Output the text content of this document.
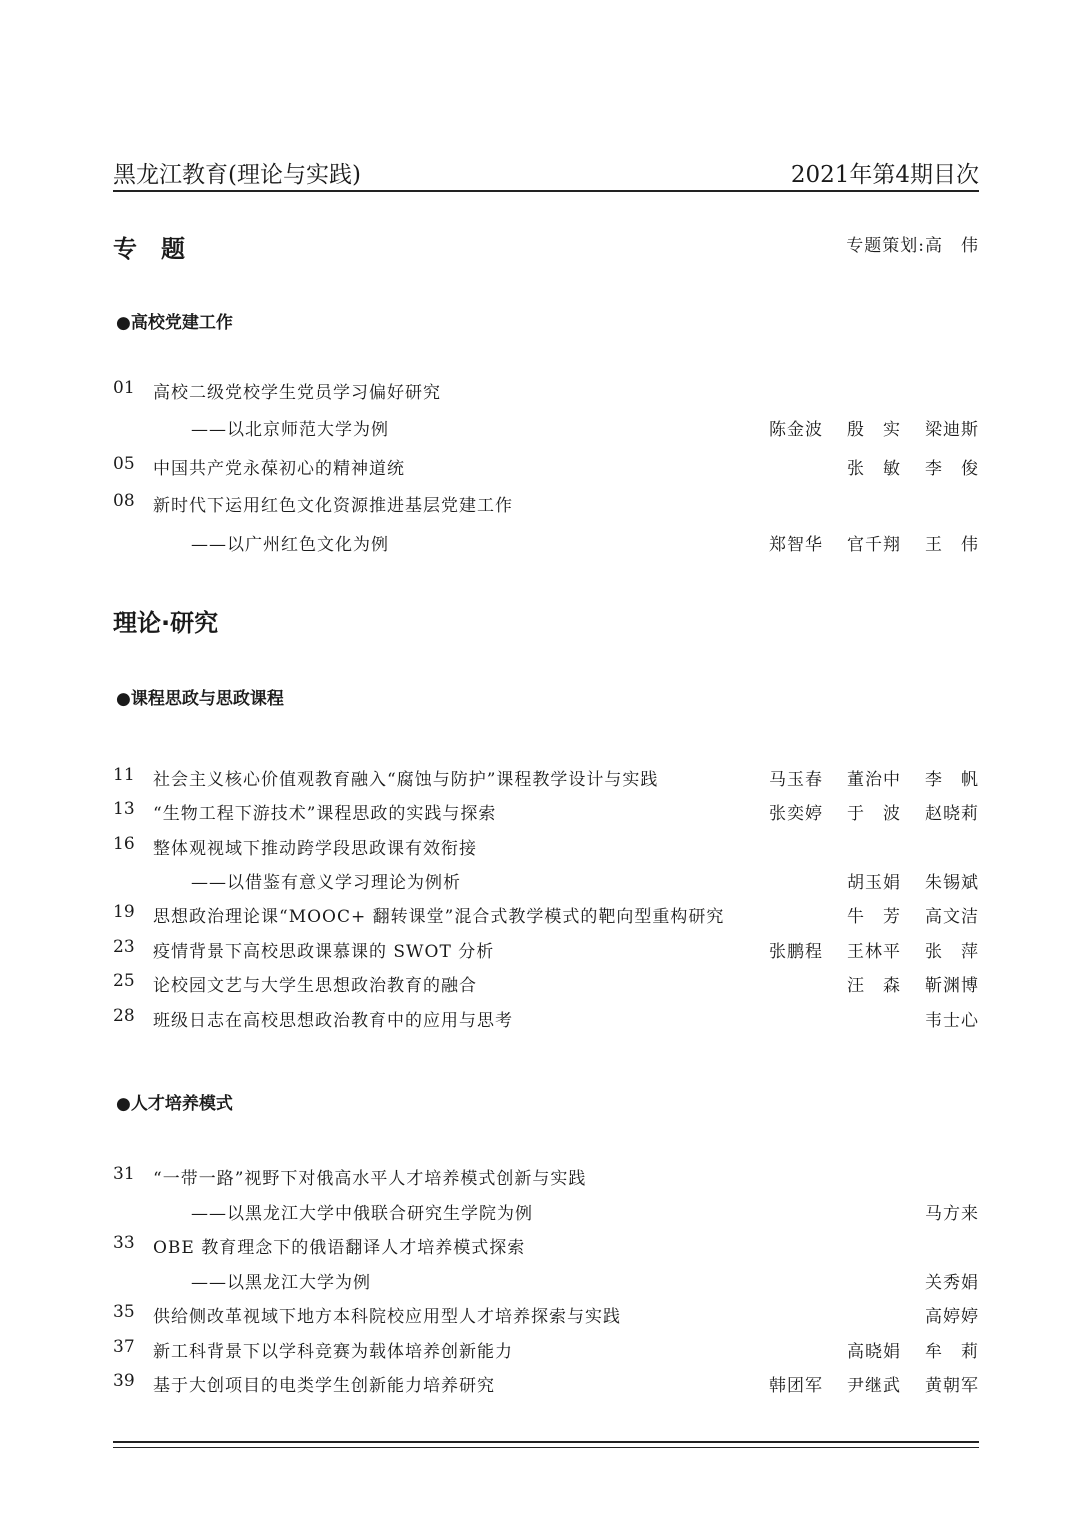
黑龙江教育(理论与实践)	2021年第4期目次
专　题	专题策划:高　伟
●高校党建工作
01	高校二级党校学生党员学习偏好研究
——以北京师范大学为例	陈金波 殷　实 梁迪斯
05	中国共产党永葆初心的精神道统	张　敏 李　俊
08	新时代下运用红色文化资源推进基层党建工作
——以广州红色文化为例	郑智华 官千翔 王　伟
理论·研究
●课程思政与思政课程
11	社会主义核心价值观教育融入“腐蚀与防护”课程教学设计与实践	马玉春 董治中 李　帆
13	“生物工程下游技术”课程思政的实践与探索	张奕婷 于　波 赵晓莉
16	整体观视域下推动跨学段思政课有效衔接
——以借鉴有意义学习理论为例析	胡玉娟 朱锡斌
19	思想政治理论课“MOOC+ 翻转课堂”混合式教学模式的靶向型重构研究	牛　芳 高文洁
23	疫情背景下高校思政课慕课的 SWOT 分析	张鹏程 王林平 张　萍
25	论校园文艺与大学生思想政治教育的融合	汪　森 靳渊博
28	班级日志在高校思想政治教育中的应用与思考	韦士心
●人才培养模式
31	“一带一路”视野下对俄高水平人才培养模式创新与实践
——以黑龙江大学中俄联合研究生学院为例	马方来
33	OBE 教育理念下的俄语翻译人才培养模式探索
——以黑龙江大学为例	关秀娟
35	供给侧改革视域下地方本科院校应用型人才培养探索与实践	高婷婷
37	新工科背景下以学科竞赛为载体培养创新能力	高晓娟 牟　莉
39	基于大创项目的电类学生创新能力培养研究	韩团军 尹继武 黄朝军
